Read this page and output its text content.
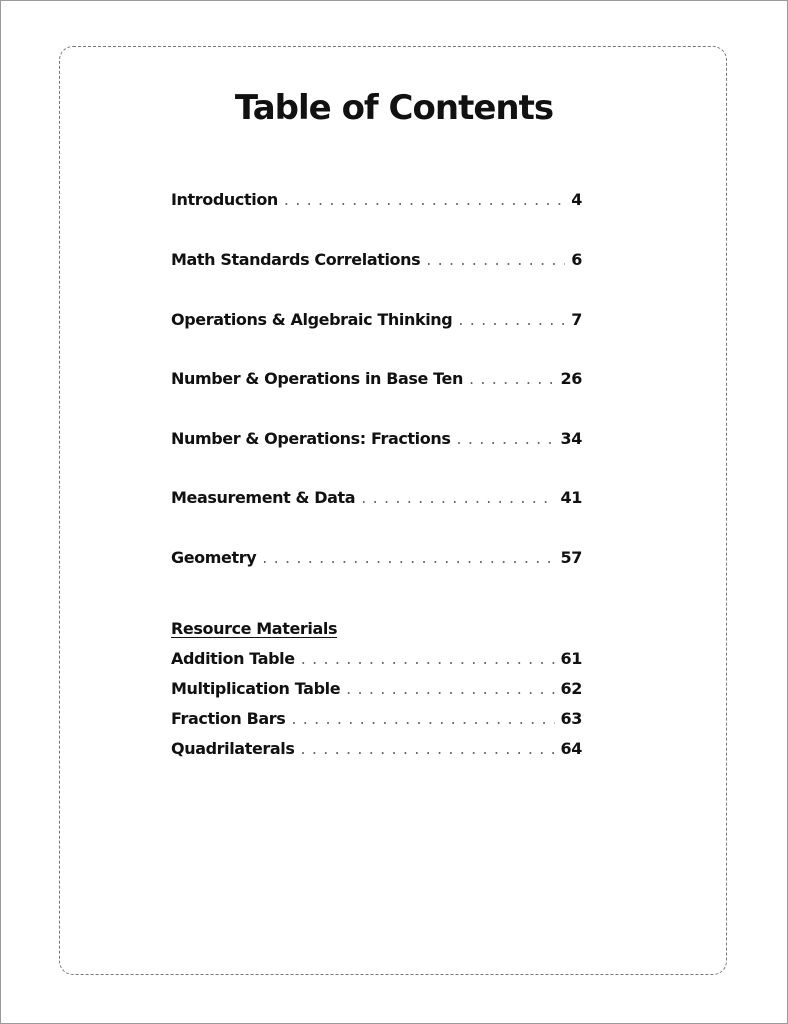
Table of Contents
Introduction . . .	4
Math Standards Correlations . . .	6
Operations & Algebraic Thinking . . .	7
Number & Operations in Base Ten . . .	26
Number & Operations: Fractions . . .	34
Measurement & Data . . .	41
Geometry . . .	57
Resource Materials
Addition Table . . .	61
Multiplication Table . . .	62
Fraction Bars . . .	63
Quadrilaterals . . .	64
